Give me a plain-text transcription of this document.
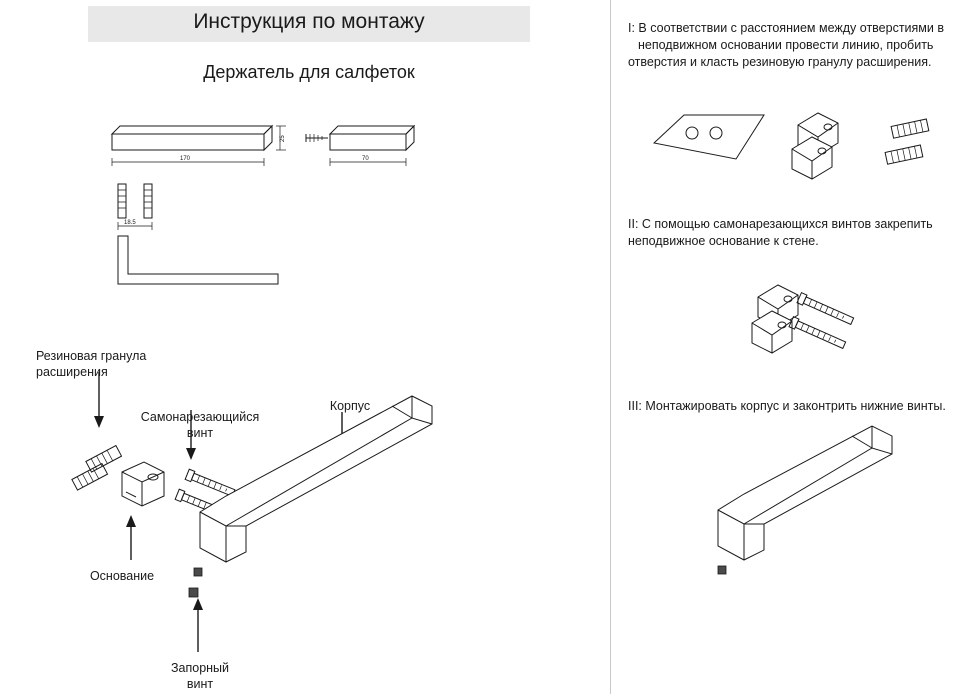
Инструкция по монтажу
Держатель для салфеток
25
170	70
18.5
Резиновая гранула
расширения
Самонарезающийся
винт
Корпус
Основание
Запорный
винт
I: В соответствии с расстоянием между отверстиями в
неподвижном основании провести линию, пробить
отверстия и класть резиновую гранулу расширения.
II: С помощью самонарезающихся винтов закрепить
неподвижное основание к стене.
III: Монтажировать корпус и законтрить нижние винты.
